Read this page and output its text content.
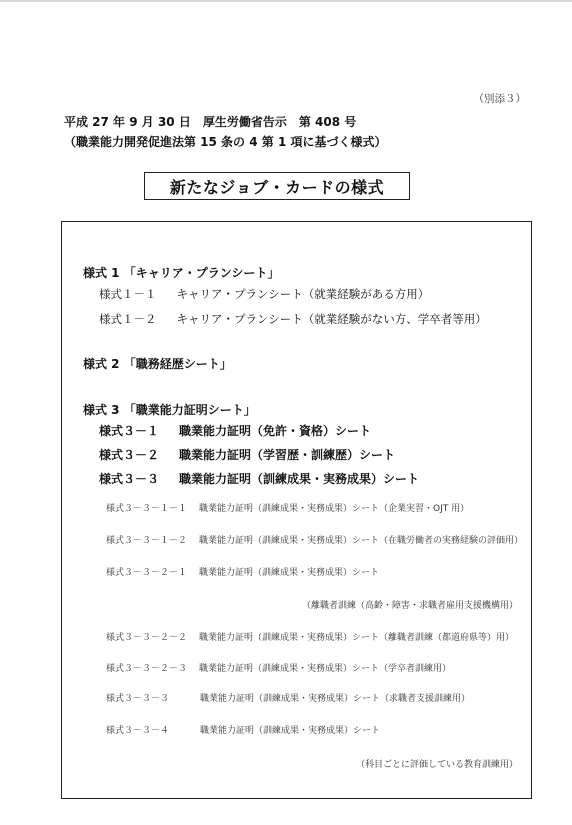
（別添３）
平成 27 年 9 月 30 日　厚生労働省告示　第 408 号
（職業能力開発促進法第 15 条の 4 第 1 項に基づく様式）
新たなジョブ・カードの様式
様式 1 「キャリア・プランシート」
様式１－１ キャリア・プランシート（就業経験がある方用）
様式１－２ キャリア・プランシート（就業経験がない方、学卒者等用）
様式 2 「職務経歴シート」
様式 3 「職業能力証明シート」
様式３－１ 職業能力証明（免許・資格）シート
様式３－２ 職業能力証明（学習歴・訓練歴）シート
様式３－３ 職業能力証明（訓練成果・実務成果）シート
様式３－３－１－１ 職業能力証明（訓練成果・実務成果）シート（企業実習・OJT 用）
様式３－３－１－２ 職業能力証明（訓練成果・実務成果）シート（在職労働者の実務経験の評価用）
様式３－３－２－１ 職業能力証明（訓練成果・実務成果）シート
（離職者訓練（高齢・障害・求職者雇用支援機構用）
様式３－３－２－２ 職業能力証明（訓練成果・実務成果）シート（離職者訓練（都道府県等）用）
様式３－３－２－３ 職業能力証明（訓練成果・実務成果）シート（学卒者訓練用）
様式３－３－３	職業能力証明（訓練成果・実務成果）シート（求職者支援訓練用）
様式３－３－４	職業能力証明（訓練成果・実務成果）シート
（科目ごとに評価している教育訓練用）
